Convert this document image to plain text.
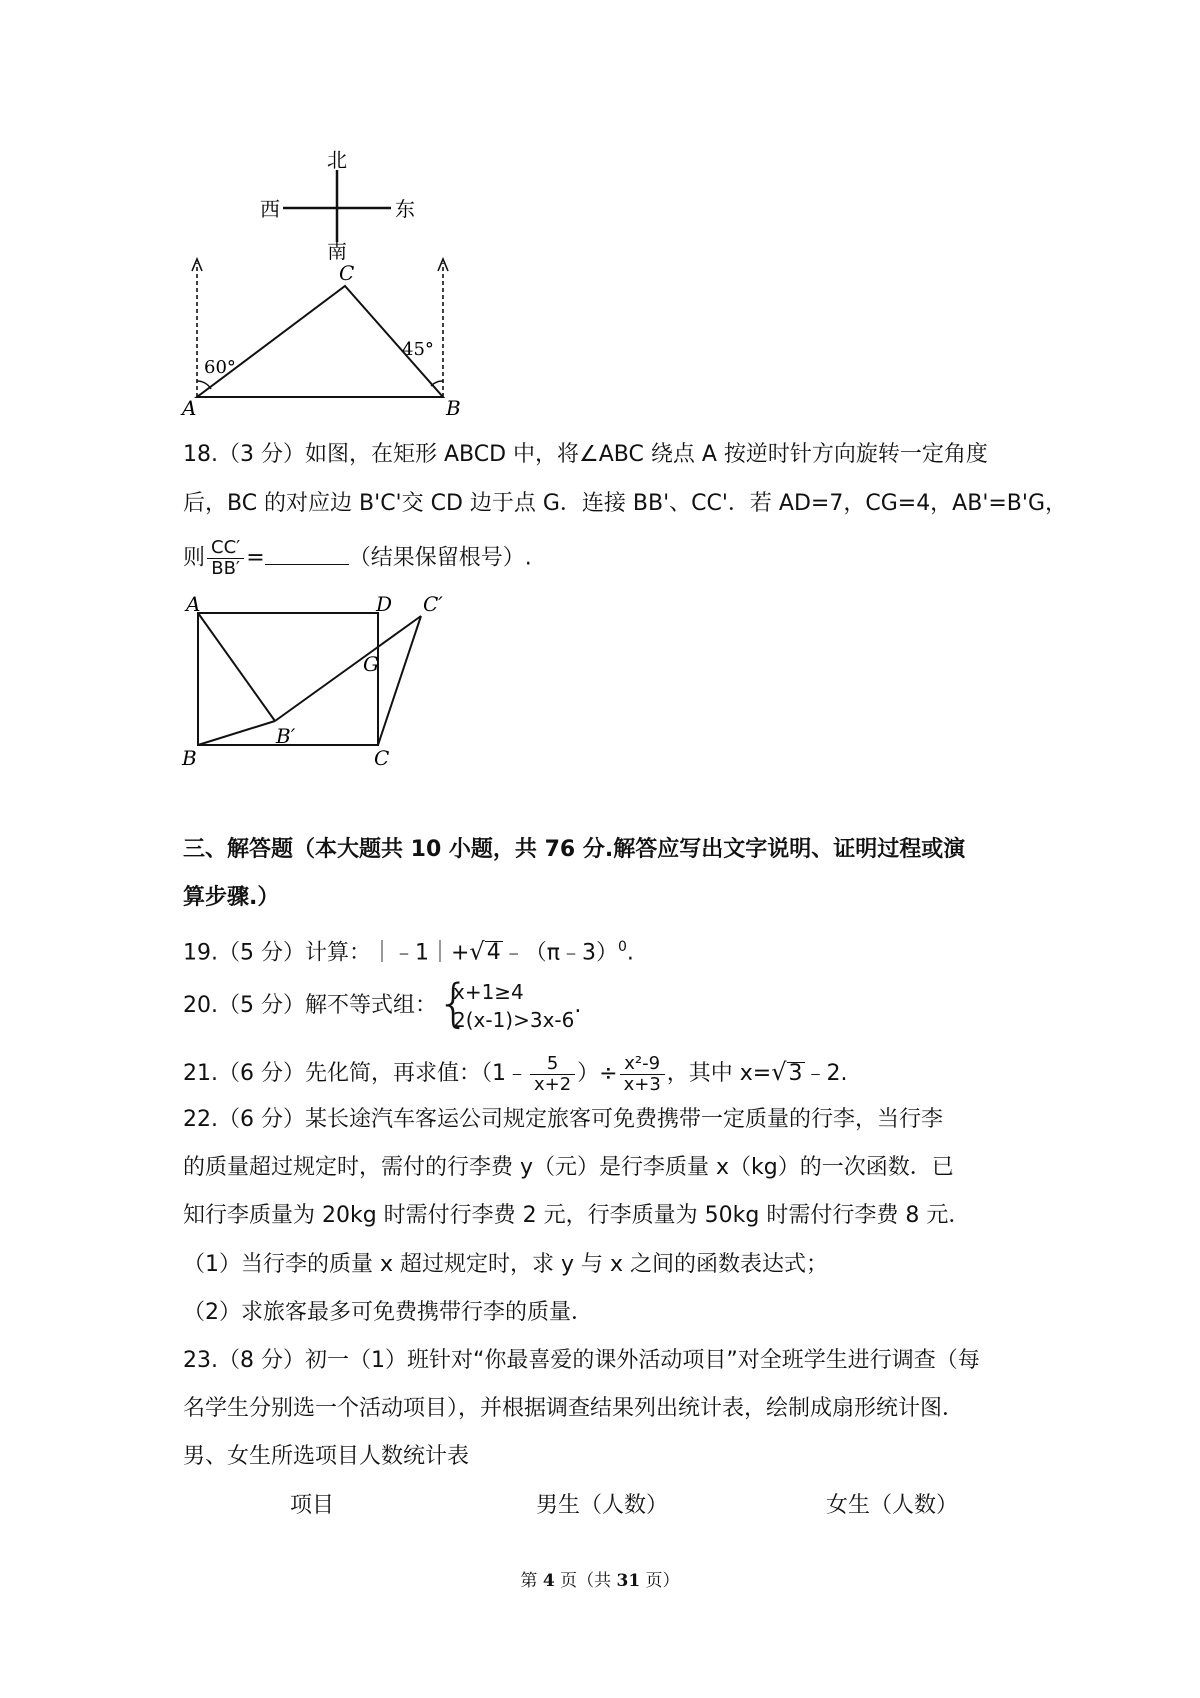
北
西	东
南
C
A	B
60°
45°
18.（3 分）如图，在矩形 ABCD 中，将∠ABC 绕点 A 按逆时针方向旋转一定角度
后，BC 的对应边 B'C'交 CD 边于点 G．连接 BB'、CC'．若 AD=7，CG=4，AB'=B'G，
则 $\frac{CC'}{BB'}$ =	（结果保留根号）.
A	D C′
G
B′
B	C
三、解答题（本大题共 10 小题，共 76 分.解答应写出文字说明、证明过程或演
算步骤.）
19.（5 分）计算：｜﹣1｜+√4﹣（π﹣3）$^0$.
20.（5 分）解不等式组： {
x+1≥4
2(x-1)>3x-6
.
21.（6 分）先化简，再求值：（1﹣ $\frac{5}{x+2}$ ）÷ $\frac{\text{x²-9}}{x+3}$ ，其中 x=√3﹣2.
22.（6 分）某长途汽车客运公司规定旅客可免费携带一定质量的行李，当行李
的质量超过规定时，需付的行李费 y（元）是行李质量 x（kg）的一次函数．已
知行李质量为 20kg 时需付行李费 2 元，行李质量为 50kg 时需付行李费 8 元．
（1）当行李的质量 x 超过规定时，求 y 与 x 之间的函数表达式；
（2）求旅客最多可免费携带行李的质量．
23.（8 分）初一（1）班针对“你最喜爱的课外活动项目”对全班学生进行调查（每
名学生分别选一个活动项目），并根据调查结果列出统计表，绘制成扇形统计图．
男、女生所选项目人数统计表
项目	男生（人数）	女生（人数）
第 4 页（共 31 页）
